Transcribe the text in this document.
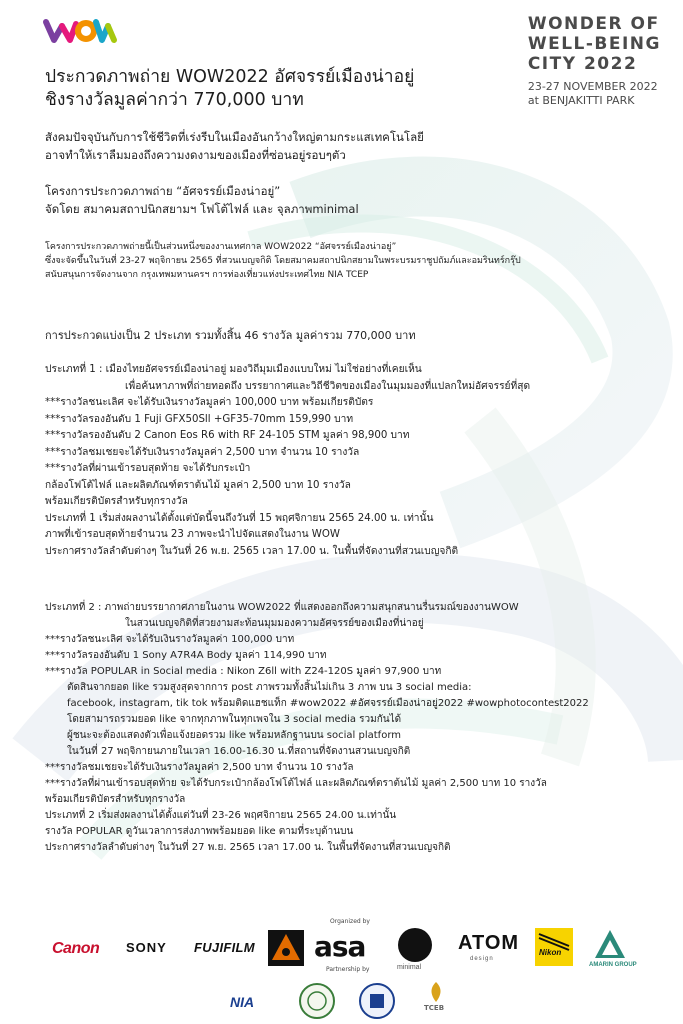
WONDER OF
WELL-BEING
CITY 2022
23-27 NOVEMBER 2022
at BENJAKITTI PARK
ประกวดภาพถ่าย WOW2022 อัศจรรย์เมืองน่าอยู่
ชิงรางวัลมูลค่ากว่า 770,000 บาท
สังคมปัจจุบันกับการใช้ชีวิตที่เร่งรีบในเมืองอันกว้างใหญ่ตามกระแสเทคโนโลยี
อาจทำให้เราลืมมองถึงความงดงามของเมืองที่ซ่อนอยู่รอบๆตัว
โครงการประกวดภาพถ่าย “อัศจรรย์เมืองน่าอยู่”
จัดโดย สมาคมสถาปนิกสยามฯ โฟโต้ไฟล์ และ จุลภาพminimal
โครงการประกวดภาพถ่ายนี้เป็นส่วนหนึ่งของงานเทศกาล WOW2022 “อัศจรรย์เมืองน่าอยู่”
ซึ่งจะจัดขึ้นในวันที่ 23-27 พฤจิกายน 2565 ที่สวนเบญจกิติ โดยสมาคมสถาปนิกสยามในพระบรมราชูปถัมภ์และอมรินทร์กรุ๊ป
สนับสนุนการจัดงานจาก กรุงเทพมหานครฯ การท่องเที่ยวแห่งประเทศไทย NIA TCEP
การประกวดแบ่งเป็น 2 ประเภท รวมทั้งสิ้น 46 รางวัล มูลค่ารวม 770,000 บาท
ประเภทที่ 1 : เมืองไทยอัศจรรย์เมืองน่าอยู่ มองวิถีมุมเมืองแบบใหม่ ไม่ใช่อย่างที่เคยเห็น
เพื่อค้นหาภาพที่ถ่ายทอดถึง บรรยากาศและวิถีชีวิตของเมืองในมุมมองที่แปลกใหม่อัศจรรย์ที่สุด
***รางวัลชนะเลิศ จะได้รับเงินรางวัลมูลค่า 100,000 บาท พร้อมเกียรติบัตร
***รางวัลรองอันดับ 1 Fuji GFX50Sll +GF35-70mm 159,990 บาท
***รางวัลรองอันดับ 2 Canon Eos R6 with RF 24-105 STM มูลค่า 98,900 บาท
***รางวัลชมเชยจะได้รับเงินรางวัลมูลค่า 2,500 บาท จำนวน 10 รางวัล
***รางวัลที่ผ่านเข้ารอบสุดท้าย จะได้รับกระเป๋า
กล้องโฟโต้ไฟล์ และผลิตภัณฑ์ตราต้นไม้ มูลค่า 2,500 บาท 10 รางวัล
พร้อมเกียรติบัตรสำหรับทุกรางวัล
ประเภทที่ 1 เริ่มส่งผลงานได้ตั้งแต่บัดนี้จนถึงวันที่ 15 พฤศจิกายน 2565 24.00 น. เท่านั้น
ภาพที่เข้ารอบสุดท้ายจำนวน 23 ภาพจะนำไปจัดแสดงในงาน WOW
ประกาศรางวัลลำดับต่างๆ ในวันที่ 26 พ.ย. 2565 เวลา 17.00 น. ในพื้นที่จัดงานที่สวนเบญจกิติ
ประเภทที่ 2 : ภาพถ่ายบรรยากาศภายในงาน WOW2022 ที่แสดงออกถึงความสนุกสนานรื่นรมณ์ของงานWOW
ในสวนเบญจกิติที่สวยงามสะท้อนมุมมองความอัศจรรย์ของเมืองที่น่าอยู่
***รางวัลชนะเลิศ จะได้รับเงินรางวัลมูลค่า 100,000 บาท
***รางวัลรองอันดับ 1 Sony A7R4A Body มูลค่า 114,990 บาท
***รางวัล POPULAR in Social media : Nikon Z6ll with Z24-120S มูลค่า 97,900 บาท
ตัดสินจากยอด like รวมสูงสุดจากการ post ภาพรวมทั้งสิ้นไม่เกิน 3 ภาพ บน 3 social media:
facebook, instagram, tik tok พร้อมติดแฮชแท็ก #wow2022 #อัศจรรย์เมืองน่าอยู่2022 #wowphotocontest2022
โดยสามารถรวมยอด like จากทุกภาพในทุกเพจใน 3 social media รวมกันได้
ผู้ชนะจะต้องแสดงตัวเพื่อแจ้งยอดรวม like พร้อมหลักฐานบน social platform
ในวันที่ 27 พฤจิกายนภายในเวลา 16.00-16.30 น.ที่สถานที่จัดงานสวนเบญจกิติ
***รางวัลชมเชยจะได้รับเงินรางวัลมูลค่า 2,500 บาท จำนวน 10 รางวัล
***รางวัลที่ผ่านเข้ารอบสุดท้าย จะได้รับกระเป๋ากล้องโฟโต้ไฟล์ และผลิตภัณฑ์ตราต้นไม้ มูลค่า 2,500 บาท 10 รางวัล
พร้อมเกียรติบัตรสำหรับทุกรางวัล
ประเภทที่ 2 เริ่มส่งผลงานได้ตั้งแต่วันที่ 23-26 พฤศจิกายน 2565 24.00 น.เท่านั้น
รางวัล POPULAR ดูวันเวลาการส่งภาพพร้อมยอด like ตามที่ระบุด้านบน
ประกาศรางวัลลำดับต่างๆ ในวันที่ 27 พ.ย. 2565 เวลา 17.00 น. ในพื้นที่จัดงานที่สวนเบญจกิติ
Organized by
Canon SONY FUJIFILM asa
minimal
ATOM
design
Nikon
AMARIN GROUP
Partnership by
NIA	TCEB
